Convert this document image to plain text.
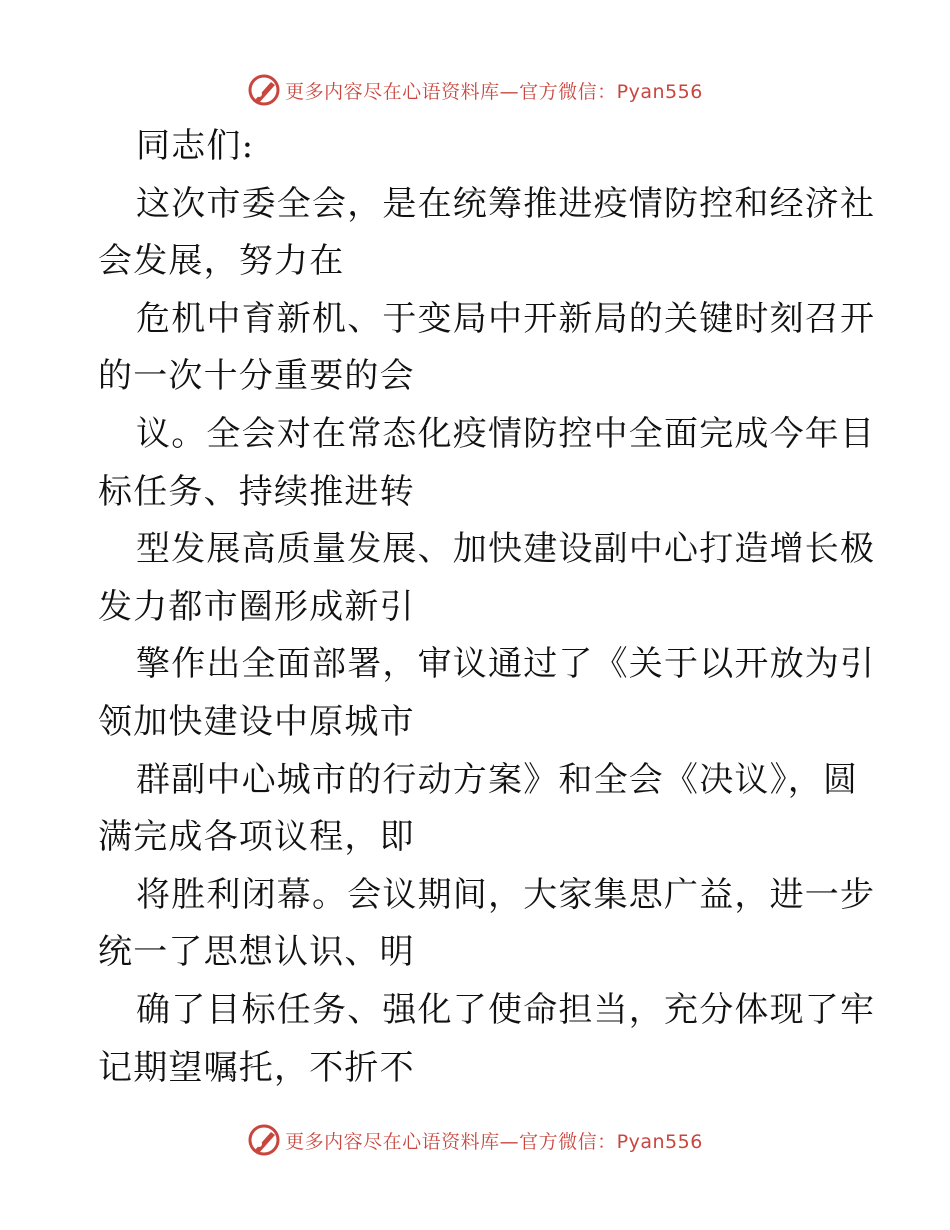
更多内容尽在心语资料库—官方微信：Pyan556
同志们:
这次市委全会，是在统筹推进疫情防控和经济社
会发展，努力在
危机中育新机、于变局中开新局的关键时刻召开
的一次十分重要的会
议。全会对在常态化疫情防控中全面完成今年目
标任务、持续推进转
型发展高质量发展、加快建设副中心打造增长极
发力都市圈形成新引
擎作出全面部署，审议通过了《关于以开放为引
领加快建设中原城市
群副中心城市的行动方案》和全会《决议》，圆
满完成各项议程，即
将胜利闭幕。会议期间，大家集思广益，进一步
统一了思想认识、明
确了目标任务、强化了使命担当，充分体现了牢
记期望嘱托，不折不
更多内容尽在心语资料库—官方微信：Pyan556
